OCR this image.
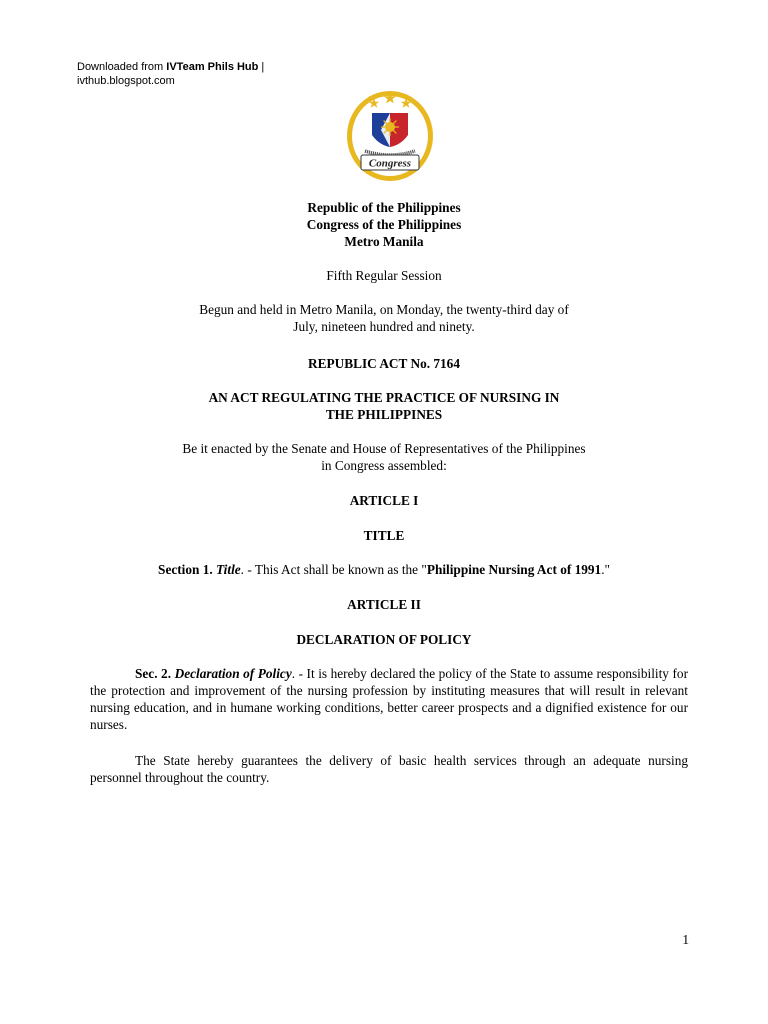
Downloaded from IVTeam Phils Hub |
ivthub.blogspot.com
Congress
Republic of the Philippines
Congress of the Philippines
Metro Manila
Fifth Regular Session
Begun and held in Metro Manila, on Monday, the twenty-third day of
July, nineteen hundred and ninety.
REPUBLIC ACT No. 7164
AN ACT REGULATING THE PRACTICE OF NURSING IN
THE PHILIPPINES
Be it enacted by the Senate and House of Representatives of the Philippines
in Congress assembled:
ARTICLE I
TITLE
Section 1. Title. - This Act shall be known as the "Philippine Nursing Act of 1991."
ARTICLE II
DECLARATION OF POLICY
Sec. 2. Declaration of Policy. - It is hereby declared the policy of the State to assume responsibility for the protection and improvement of the nursing profession by instituting measures that will result in relevant nursing education, and in humane working conditions, better career prospects and a dignified existence for our nurses.
The State hereby guarantees the delivery of basic health services through an adequate nursing personnel throughout the country.
1
